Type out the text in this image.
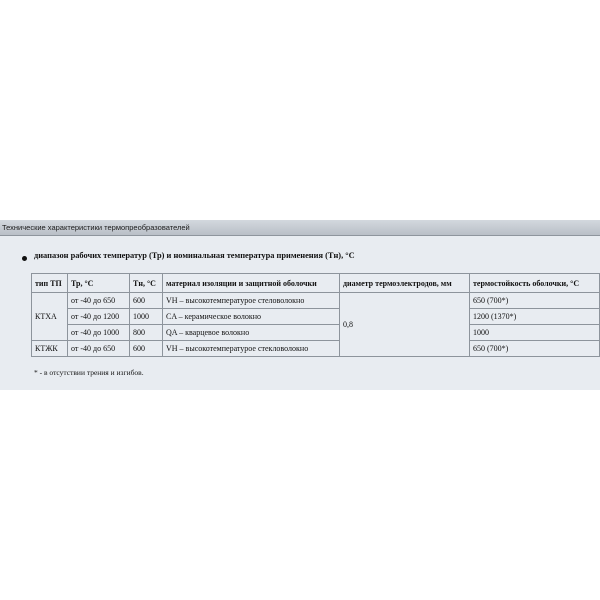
Технические характеристики термопреобразователей
диапазон рабочих температур (Тр) и номинальная температура применения (Тн), °С
тип ТП	Тр, °С	Тн, °С	материал изоляции и защитной оболочки	диаметр термоэлектродов, мм	термостойкость оболочки, °С
КТХА	от -40 до 650	600	VH – высокотемпературое стеловолокно	0,8	650 (700*)
	от -40 до 1200	1000	CA – керамическое волокно		1200 (1370*)
	от -40 до 1000	800	QA – кварцевое волокно		1000
КТЖК	от -40 до 650	600	VH – высокотемпературое стекловолокно		650 (700*)
* - в отсутствии трения и изгибов.
